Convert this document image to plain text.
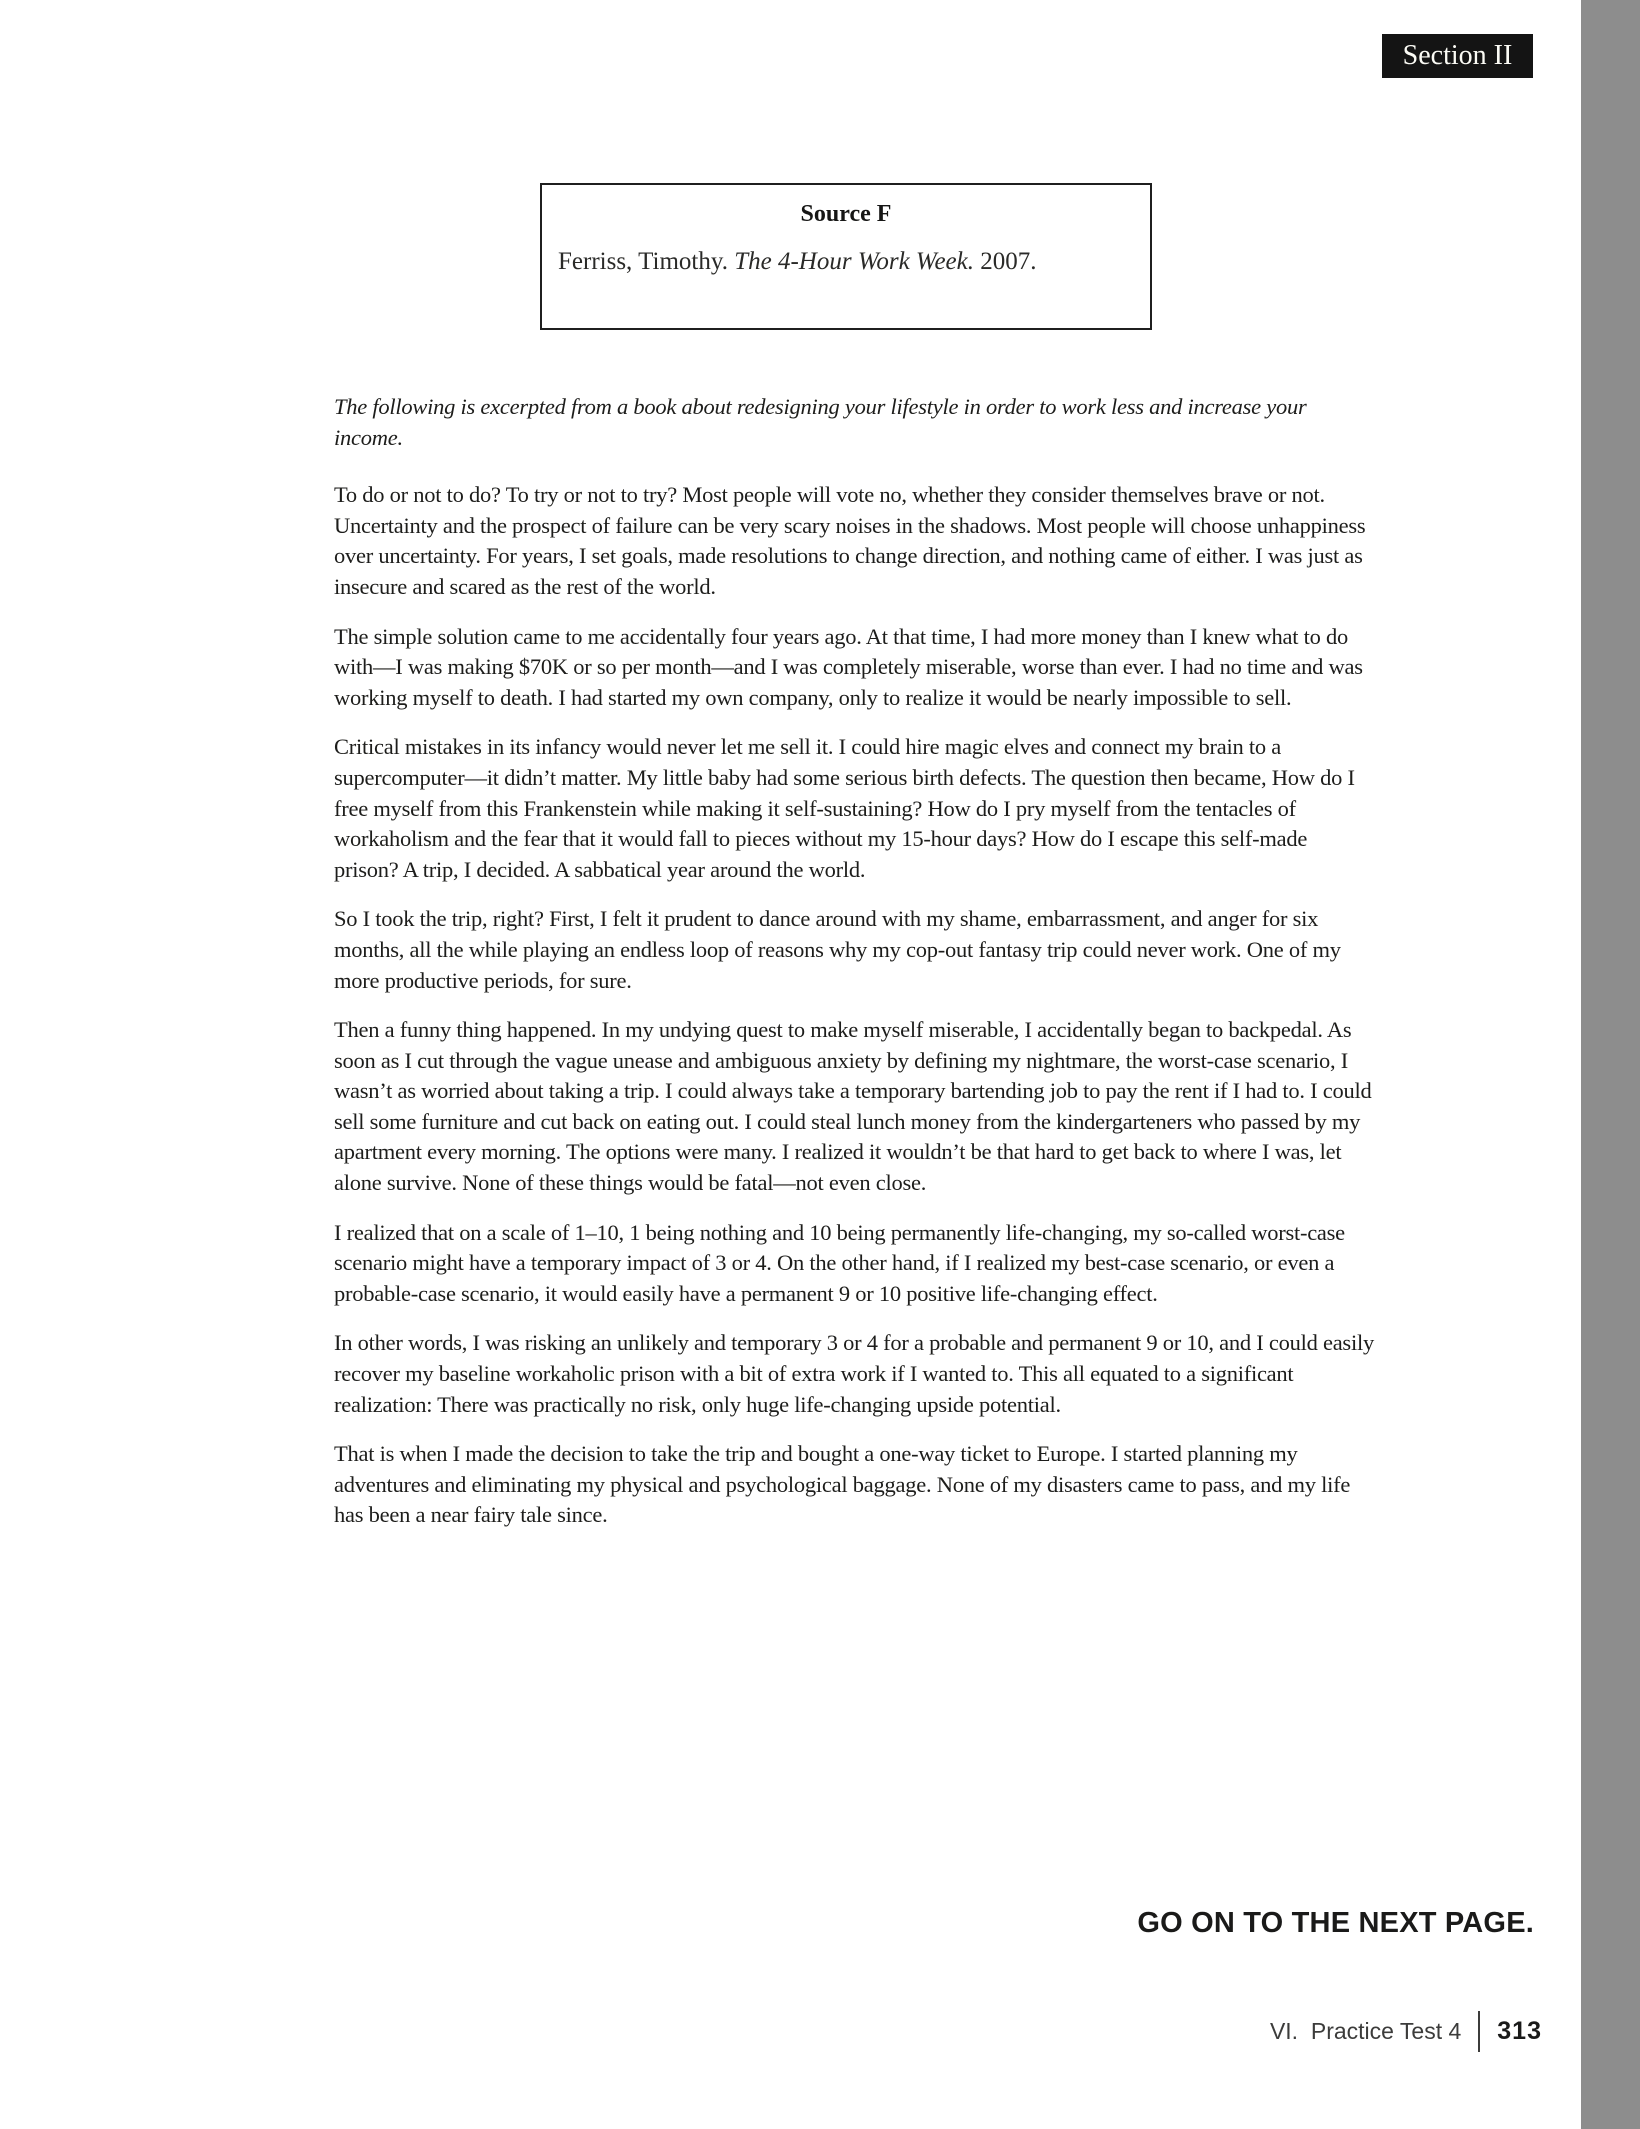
Section II
Source F
Ferriss, Timothy. The 4-Hour Work Week. 2007.

The following is excerpted from a book about redesigning your lifestyle in order to work less and increase your income.

To do or not to do? To try or not to try? Most people will vote no, whether they consider themselves brave or not. Uncertainty and the prospect of failure can be very scary noises in the shadows. Most people will choose unhappiness over uncertainty. For years, I set goals, made resolutions to change direction, and nothing came of either. I was just as insecure and scared as the rest of the world.

The simple solution came to me accidentally four years ago. At that time, I had more money than I knew what to do with—I was making $70K or so per month—and I was completely miserable, worse than ever. I had no time and was working myself to death. I had started my own company, only to realize it would be nearly impossible to sell.

Critical mistakes in its infancy would never let me sell it. I could hire magic elves and connect my brain to a supercomputer—it didn’t matter. My little baby had some serious birth defects. The question then became, How do I free myself from this Frankenstein while making it self-sustaining? How do I pry myself from the tentacles of workaholism and the fear that it would fall to pieces without my 15-hour days? How do I escape this self-made prison? A trip, I decided. A sabbatical year around the world.

So I took the trip, right? First, I felt it prudent to dance around with my shame, embarrassment, and anger for six months, all the while playing an endless loop of reasons why my cop-out fantasy trip could never work. One of my more productive periods, for sure.

Then a funny thing happened. In my undying quest to make myself miserable, I accidentally began to backpedal. As soon as I cut through the vague unease and ambiguous anxiety by defining my nightmare, the worst-case scenario, I wasn’t as worried about taking a trip. I could always take a temporary bartending job to pay the rent if I had to. I could sell some furniture and cut back on eating out. I could steal lunch money from the kindergarteners who passed by my apartment every morning. The options were many. I realized it wouldn’t be that hard to get back to where I was, let alone survive. None of these things would be fatal—not even close.

I realized that on a scale of 1–10, 1 being nothing and 10 being permanently life-changing, my so-called worst-case scenario might have a temporary impact of 3 or 4. On the other hand, if I realized my best-case scenario, or even a probable-case scenario, it would easily have a permanent 9 or 10 positive life-changing effect.

In other words, I was risking an unlikely and temporary 3 or 4 for a probable and permanent 9 or 10, and I could easily recover my baseline workaholic prison with a bit of extra work if I wanted to. This all equated to a significant realization: There was practically no risk, only huge life-changing upside potential.

That is when I made the decision to take the trip and bought a one-way ticket to Europe. I started planning my adventures and eliminating my physical and psychological baggage. None of my disasters came to pass, and my life has been a near fairy tale since.

GO ON TO THE NEXT PAGE.
VI.  Practice Test 4 313
